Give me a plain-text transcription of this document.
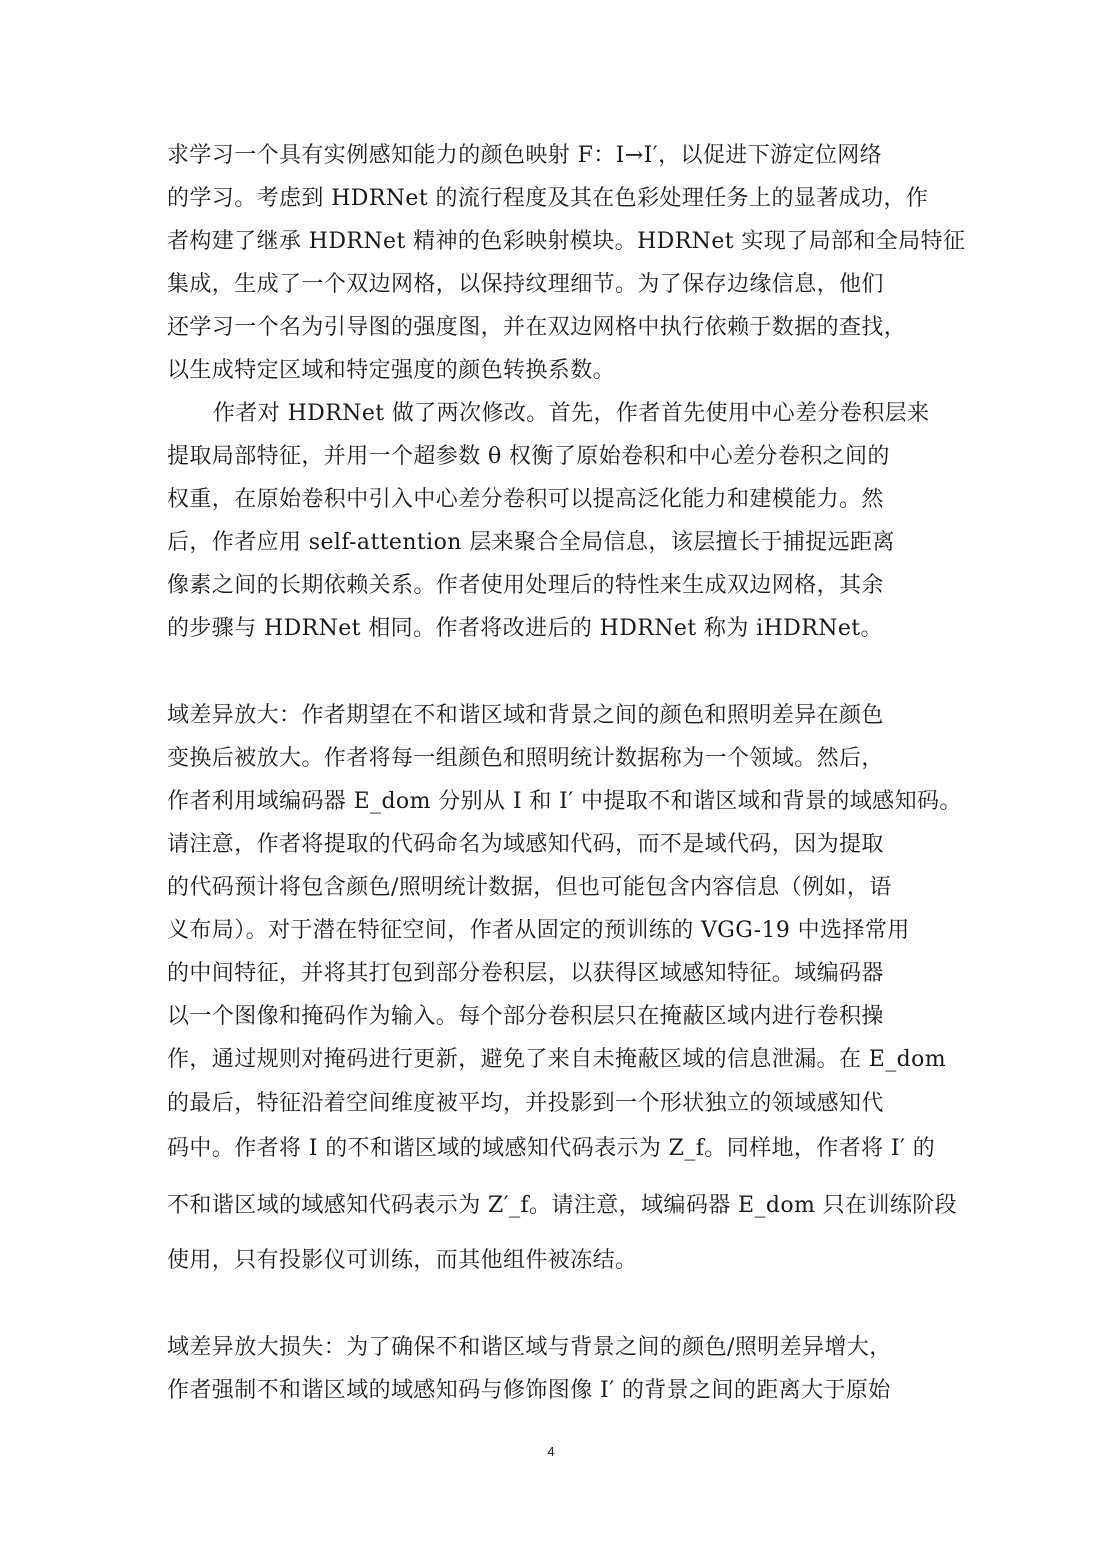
求学习一个具有实例感知能力的颜色映射 F：I→I′，以促进下游定位网络
的学习。考虑到 HDRNet 的流行程度及其在色彩处理任务上的显著成功，作
者构建了继承 HDRNet 精神的色彩映射模块。HDRNet 实现了局部和全局特征
集成，生成了一个双边网格，以保持纹理细节。为了保存边缘信息，他们
还学习一个名为引导图的强度图，并在双边网格中执行依赖于数据的查找，
以生成特定区域和特定强度的颜色转换系数。
作者对 HDRNet 做了两次修改。首先，作者首先使用中心差分卷积层来
提取局部特征，并用一个超参数 θ 权衡了原始卷积和中心差分卷积之间的
权重，在原始卷积中引入中心差分卷积可以提高泛化能力和建模能力。然
后，作者应用 self-attention 层来聚合全局信息，该层擅长于捕捉远距离
像素之间的长期依赖关系。作者使用处理后的特性来生成双边网格，其余
的步骤与 HDRNet 相同。作者将改进后的 HDRNet 称为 iHDRNet。
域差异放大：作者期望在不和谐区域和背景之间的颜色和照明差异在颜色
变换后被放大。作者将每一组颜色和照明统计数据称为一个领域。然后，
作者利用域编码器 E_dom 分别从 I 和 I′ 中提取不和谐区域和背景的域感知码。
请注意，作者将提取的代码命名为域感知代码，而不是域代码，因为提取
的代码预计将包含颜色/照明统计数据，但也可能包含内容信息（例如，语
义布局）。对于潜在特征空间，作者从固定的预训练的 VGG-19 中选择常用
的中间特征，并将其打包到部分卷积层，以获得区域感知特征。域编码器
以一个图像和掩码作为输入。每个部分卷积层只在掩蔽区域内进行卷积操
作，通过规则对掩码进行更新，避免了来自未掩蔽区域的信息泄漏。在 E_dom
的最后，特征沿着空间维度被平均，并投影到一个形状独立的领域感知代
码中。作者将 I 的不和谐区域的域感知代码表示为 Z_f。同样地，作者将 I′ 的
不和谐区域的域感知代码表示为 Z′_f。请注意，域编码器 E_dom 只在训练阶段
使用，只有投影仪可训练，而其他组件被冻结。
域差异放大损失：为了确保不和谐区域与背景之间的颜色/照明差异增大，
作者强制不和谐区域的域感知码与修饰图像 I′ 的背景之间的距离大于原始
4
